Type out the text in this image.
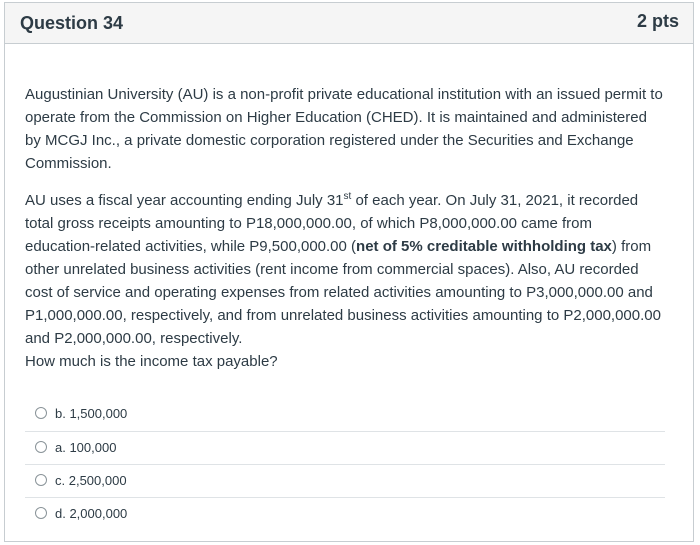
Question 34	2 pts
Augustinian University (AU) is a non-profit private educational institution with an issued permit to operate from the Commission on Higher Education (CHED). It is maintained and administered by MCGJ Inc., a private domestic corporation registered under the Securities and Exchange Commission.
AU uses a fiscal year accounting ending July 31st of each year. On July 31, 2021, it recorded total gross receipts amounting to P18,000,000.00, of which P8,000,000.00 came from education-related activities, while P9,500,000.00 (net of 5% creditable withholding tax) from other unrelated business activities (rent income from commercial spaces). Also, AU recorded cost of service and operating expenses from related activities amounting to P3,000,000.00 and P1,000,000.00, respectively, and from unrelated business activities amounting to P2,000,000.00 and P2,000,000.00, respectively.
How much is the income tax payable?
b. 1,500,000
a. 100,000
c. 2,500,000
d. 2,000,000
